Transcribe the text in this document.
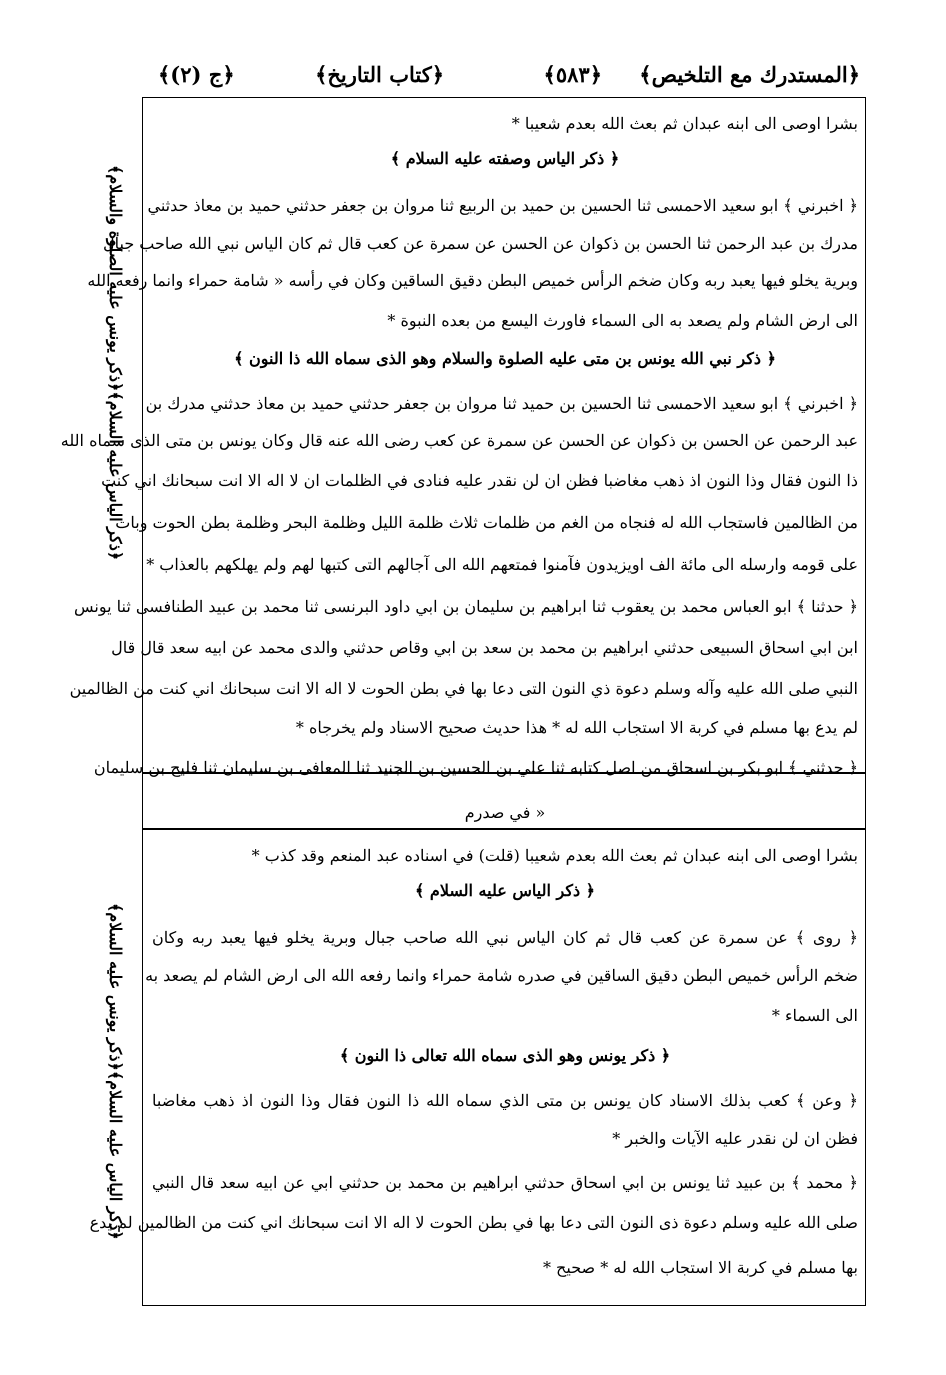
﴿المستدرك مع التلخيص﴾
﴿٥٨٣﴾
﴿كتاب التاريخ﴾
﴿ج (٢)﴾
﴿ذكر الياس عليه السلام﴾﴿ذكر يونس عليه الصلوة والسلام﴾
﴿ذكر الياس عليه السلام﴾﴿ذكر يونس عليه السلام﴾
بشرا اوصى الى ابنه عبدان ثم بعث الله بعدم شعيبا *
﴿ ذكر الياس وصفته عليه السلام ﴾
﴿ اخبرني ﴾ ابو سعيد الاحمسى ثنا الحسين بن حميد بن الربيع ثنا مروان بن جعفر حدثني حميد بن معاذ حدثني
مدرك بن عبد الرحمن ثنا الحسن بن ذكوان عن الحسن عن سمرة عن كعب قال ثم كان الياس نبي الله صاحب جبال
وبرية يخلو فيها يعبد ربه وكان ضخم الرأس خميص البطن دقيق الساقين وكان في رأسه « شامة حمراء وانما رفعه الله
الى ارض الشام ولم يصعد به الى السماء فاورث اليسع من بعده النبوة *
﴿ ذكر نبي الله يونس بن متى عليه الصلوة والسلام وهو الذى سماه الله ذا النون ﴾
﴿ اخبرني ﴾ ابو سعيد الاحمسى ثنا الحسين بن حميد ثنا مروان بن جعفر حدثني حميد بن معاذ حدثني مدرك بن
عبد الرحمن عن الحسن بن ذكوان عن الحسن عن سمرة عن كعب رضى الله عنه قال وكان يونس بن متى الذى سماه الله
ذا النون فقال وذا النون اذ ذهب مغاضبا فظن ان لن نقدر عليه فنادى في الظلمات ان لا اله الا انت سبحانك اني كنت
من الظالمين فاستجاب الله له فنجاه من الغم من ظلمات ثلاث ظلمة الليل وظلمة البحر وظلمة بطن الحوت وبات
على قومه وارسله الى مائة الف اويزيدون فآمنوا فمتعهم الله الى آجالهم التى كتبها لهم ولم يهلكهم بالعذاب *
﴿ حدثنا ﴾ ابو العباس محمد بن يعقوب ثنا ابراهيم بن سليمان بن ابي داود البرنسى ثنا محمد بن عبيد الطنافسى ثنا يونس
ابن ابي اسحاق السبيعى حدثني ابراهيم بن محمد بن سعد بن ابي وقاص حدثني والدى محمد عن ابيه سعد قال قال
النبي صلى الله عليه وآله وسلم دعوة ذي النون التى دعا بها في بطن الحوت لا اله الا انت سبحانك اني كنت من الظالمين
لم يدع بها مسلم في كربة الا استجاب الله له * هذا حديث صحيح الاسناد ولم يخرجاه *
﴿ حدثني ﴾ ابو بكر بن اسحاق من اصل كتابه ثنا علي بن الحسين بن الجنيد ثنا المعافى بن سليمان ثنا فليح بن سليمان
« في صدرم
بشرا اوصى الى ابنه عبدان ثم بعث الله بعدم شعيبا (قلت) في اسناده عبد المنعم وقد كذب *
﴿ ذكر الياس عليه السلام ﴾
﴿ روى ﴾ عن سمرة عن كعب قال ثم كان الياس نبي الله صاحب جبال وبرية يخلو فيها يعبد ربه وكان
ضخم الرأس خميص البطن دقيق الساقين في صدره شامة حمراء وانما رفعه الله الى ارض الشام لم يصعد به
الى السماء *
﴿ ذكر يونس وهو الذى سماه الله تعالى ذا النون ﴾
﴿ وعن ﴾ كعب بذلك الاسناد كان يونس بن متى الذي سماه الله ذا النون فقال وذا النون اذ ذهب مغاضبا
فظن ان لن نقدر عليه الآيات والخبر *
﴿ محمد ﴾ بن عبيد ثنا يونس بن ابي اسحاق حدثني ابراهيم بن محمد بن حدثني ابي عن ابيه سعد قال النبي
صلى الله عليه وسلم دعوة ذى النون التى دعا بها في بطن الحوت لا اله الا انت سبحانك اني كنت من الظالمين لم يدع
بها مسلم في كربة الا استجاب الله له * صحيح *
